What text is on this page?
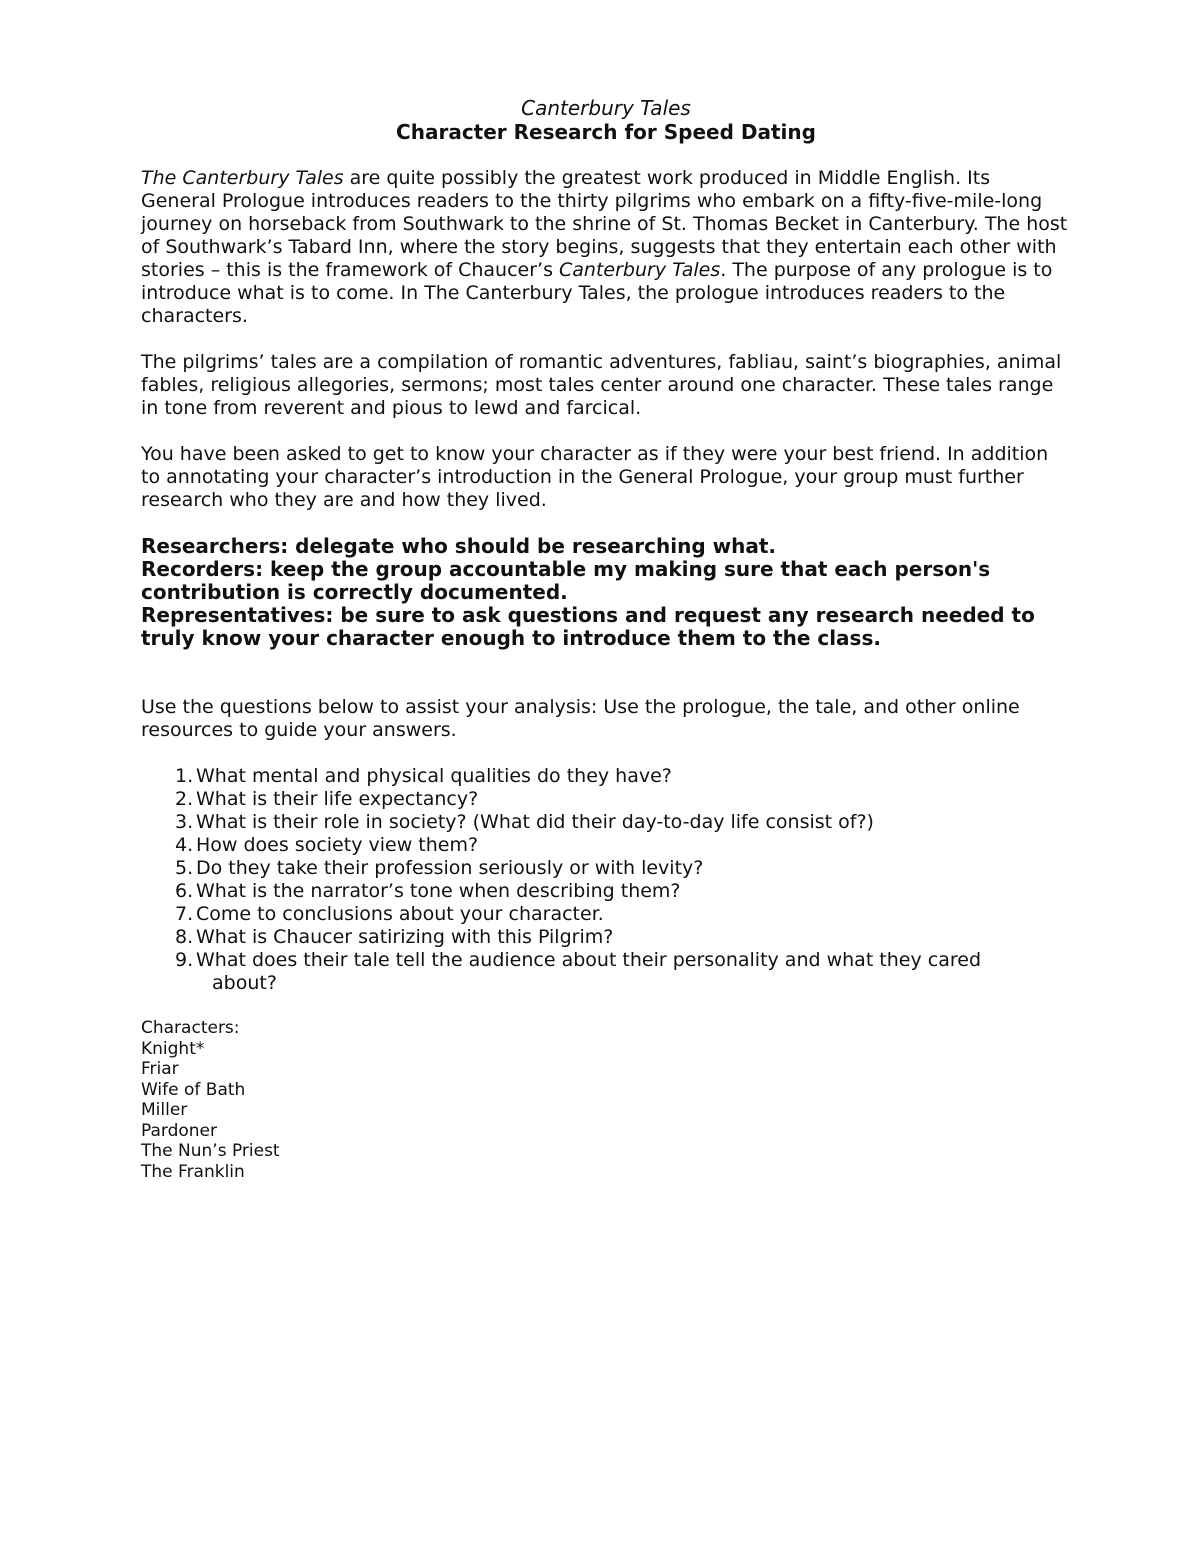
Canterbury Tales
Character Research for Speed Dating

The Canterbury Tales are quite possibly the greatest work produced in Middle English. Its General Prologue introduces readers to the thirty pilgrims who embark on a fifty-five-mile-long journey on horseback from Southwark to the shrine of St. Thomas Becket in Canterbury. The host of Southwark’s Tabard Inn, where the story begins, suggests that they entertain each other with stories – this is the framework of Chaucer’s Canterbury Tales. The purpose of any prologue is to introduce what is to come. In The Canterbury Tales, the prologue introduces readers to the characters.

The pilgrims’ tales are a compilation of romantic adventures, fabliau, saint’s biographies, animal fables, religious allegories, sermons; most tales center around one character. These tales range in tone from reverent and pious to lewd and farcical.

You have been asked to get to know your character as if they were your best friend. In addition to annotating your character’s introduction in the General Prologue, your group must further research who they are and how they lived.

Researchers: delegate who should be researching what.
Recorders: keep the group accountable my making sure that each person's contribution is correctly documented.
Representatives: be sure to ask questions and request any research needed to truly know your character enough to introduce them to the class.

Use the questions below to assist your analysis: Use the prologue, the tale, and other online resources to guide your answers.

1. What mental and physical qualities do they have?
2. What is their life expectancy?
3. What is their role in society? (What did their day-to-day life consist of?)
4. How does society view them?
5. Do they take their profession seriously or with levity?
6. What is the narrator’s tone when describing them?
7. Come to conclusions about your character.
8. What is Chaucer satirizing with this Pilgrim?
9. What does their tale tell the audience about their personality and what they cared
about?
Characters:
Knight*
Friar
Wife of Bath
Miller
Pardoner
The Nun’s Priest
The Franklin
